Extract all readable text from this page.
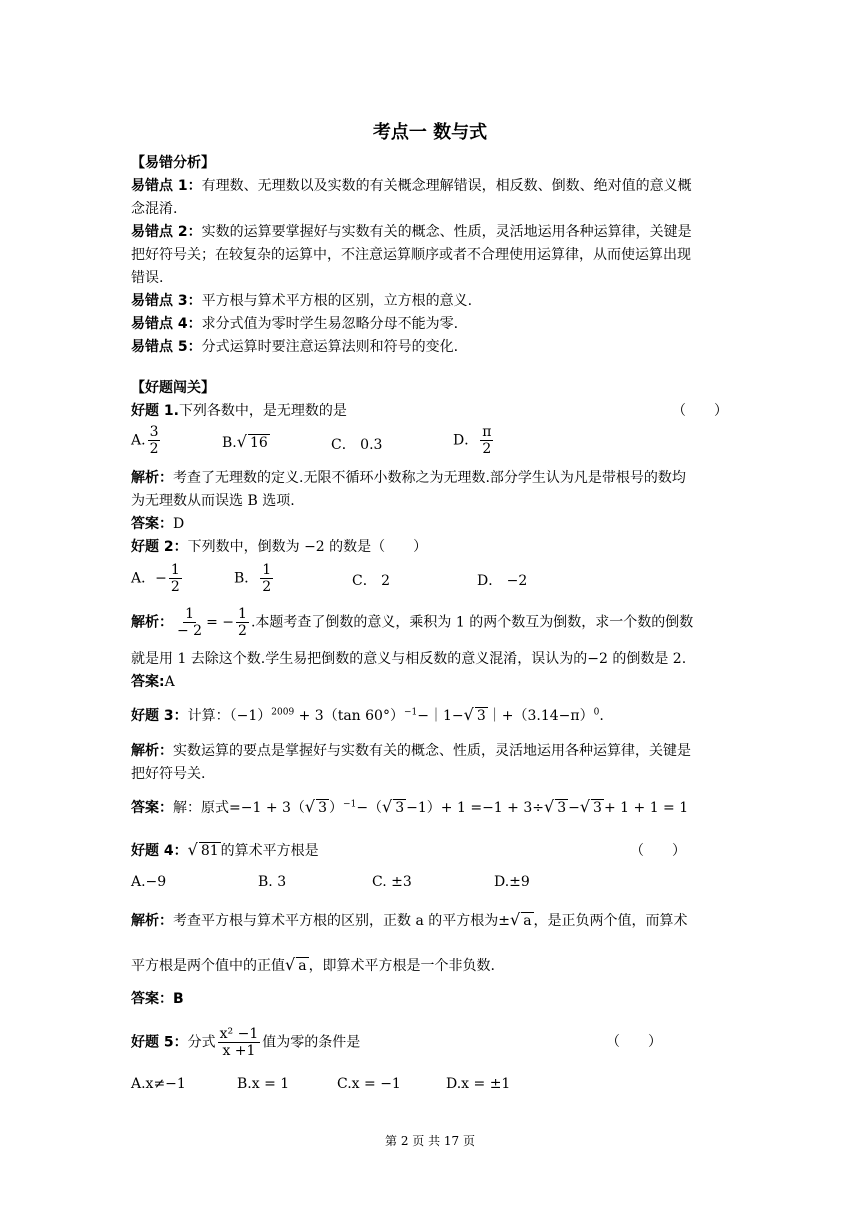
考点一 数与式
【易错分析】
易错点 1：有理数、无理数以及实数的有关概念理解错误，相反数、倒数、绝对值的意义概
念混淆.
易错点 2：实数的运算要掌握好与实数有关的概念、性质，灵活地运用各种运算律，关键是
把好符号关；在较复杂的运算中，不注意运算顺序或者不合理使用运算律，从而使运算出现
错误.
易错点 3：平方根与算术平方根的区别，立方根的意义.
易错点 4：求分式值为零时学生易忽略分母不能为零.
易错点 5：分式运算时要注意运算法则和符号的变化.
【好题闯关】
好题 1.下列各数中，是无理数的是	（　　）
A. $\frac{3}{2}$	B.√ 16	C． 0.3	D． $\frac{\pi}{2}$
解析：考查了无理数的定义.无限不循环小数称之为无理数.部分学生认为凡是带根号的数均
为无理数从而误选 B 选项.
答案：D
好题 2：下列数中，倒数为 −2 的数是（　　）
A．− $\frac{1}{2}$	B． $\frac{1}{2}$	C． 2	D． −2
解析： $\frac{1}{- 2}$ = − $\frac{1}{2}$ .本题考查了倒数的意义，乘积为 1 的两个数互为倒数，求一个数的倒数
就是用 1 去除这个数.学生易把倒数的意义与相反数的意义混淆，误认为的−2 的倒数是 2.
答案:A
好题 3：计算：$(-1)^{2009} + 3(\tan$ 60°）$^{-1}$−｜1−√ 3 $|+(3.14-\pi)^0$.
解析：实数运算的要点是掌握好与实数有关的概念、性质，灵活地运用各种运算律，关键是
把好符号关.
答案：解：原式=−1 + 3（√ 3 ）$^{-1}$−（√ 3 −1）+ 1 =−1 + 3÷√ 3 −√ 3 + 1 + 1 = 1
好题 4：√ 81 的算术平方根是	（　　）
A.−9	B. 3	C. ±3	D.±9
解析：考查平方根与算术平方根的区别，正数 a 的平方根为±√ a ，是正负两个值，而算术
平方根是两个值中的正值√ a ，即算术平方根是一个非负数.
答案：B
好题 5：分式 $\frac{\text{x² −1}}{x +1}$ 值为零的条件是	（　　）
A.x≠−1	B.x = 1	C.x = −1	D.x = ±1
第 2 页 共 17 页
